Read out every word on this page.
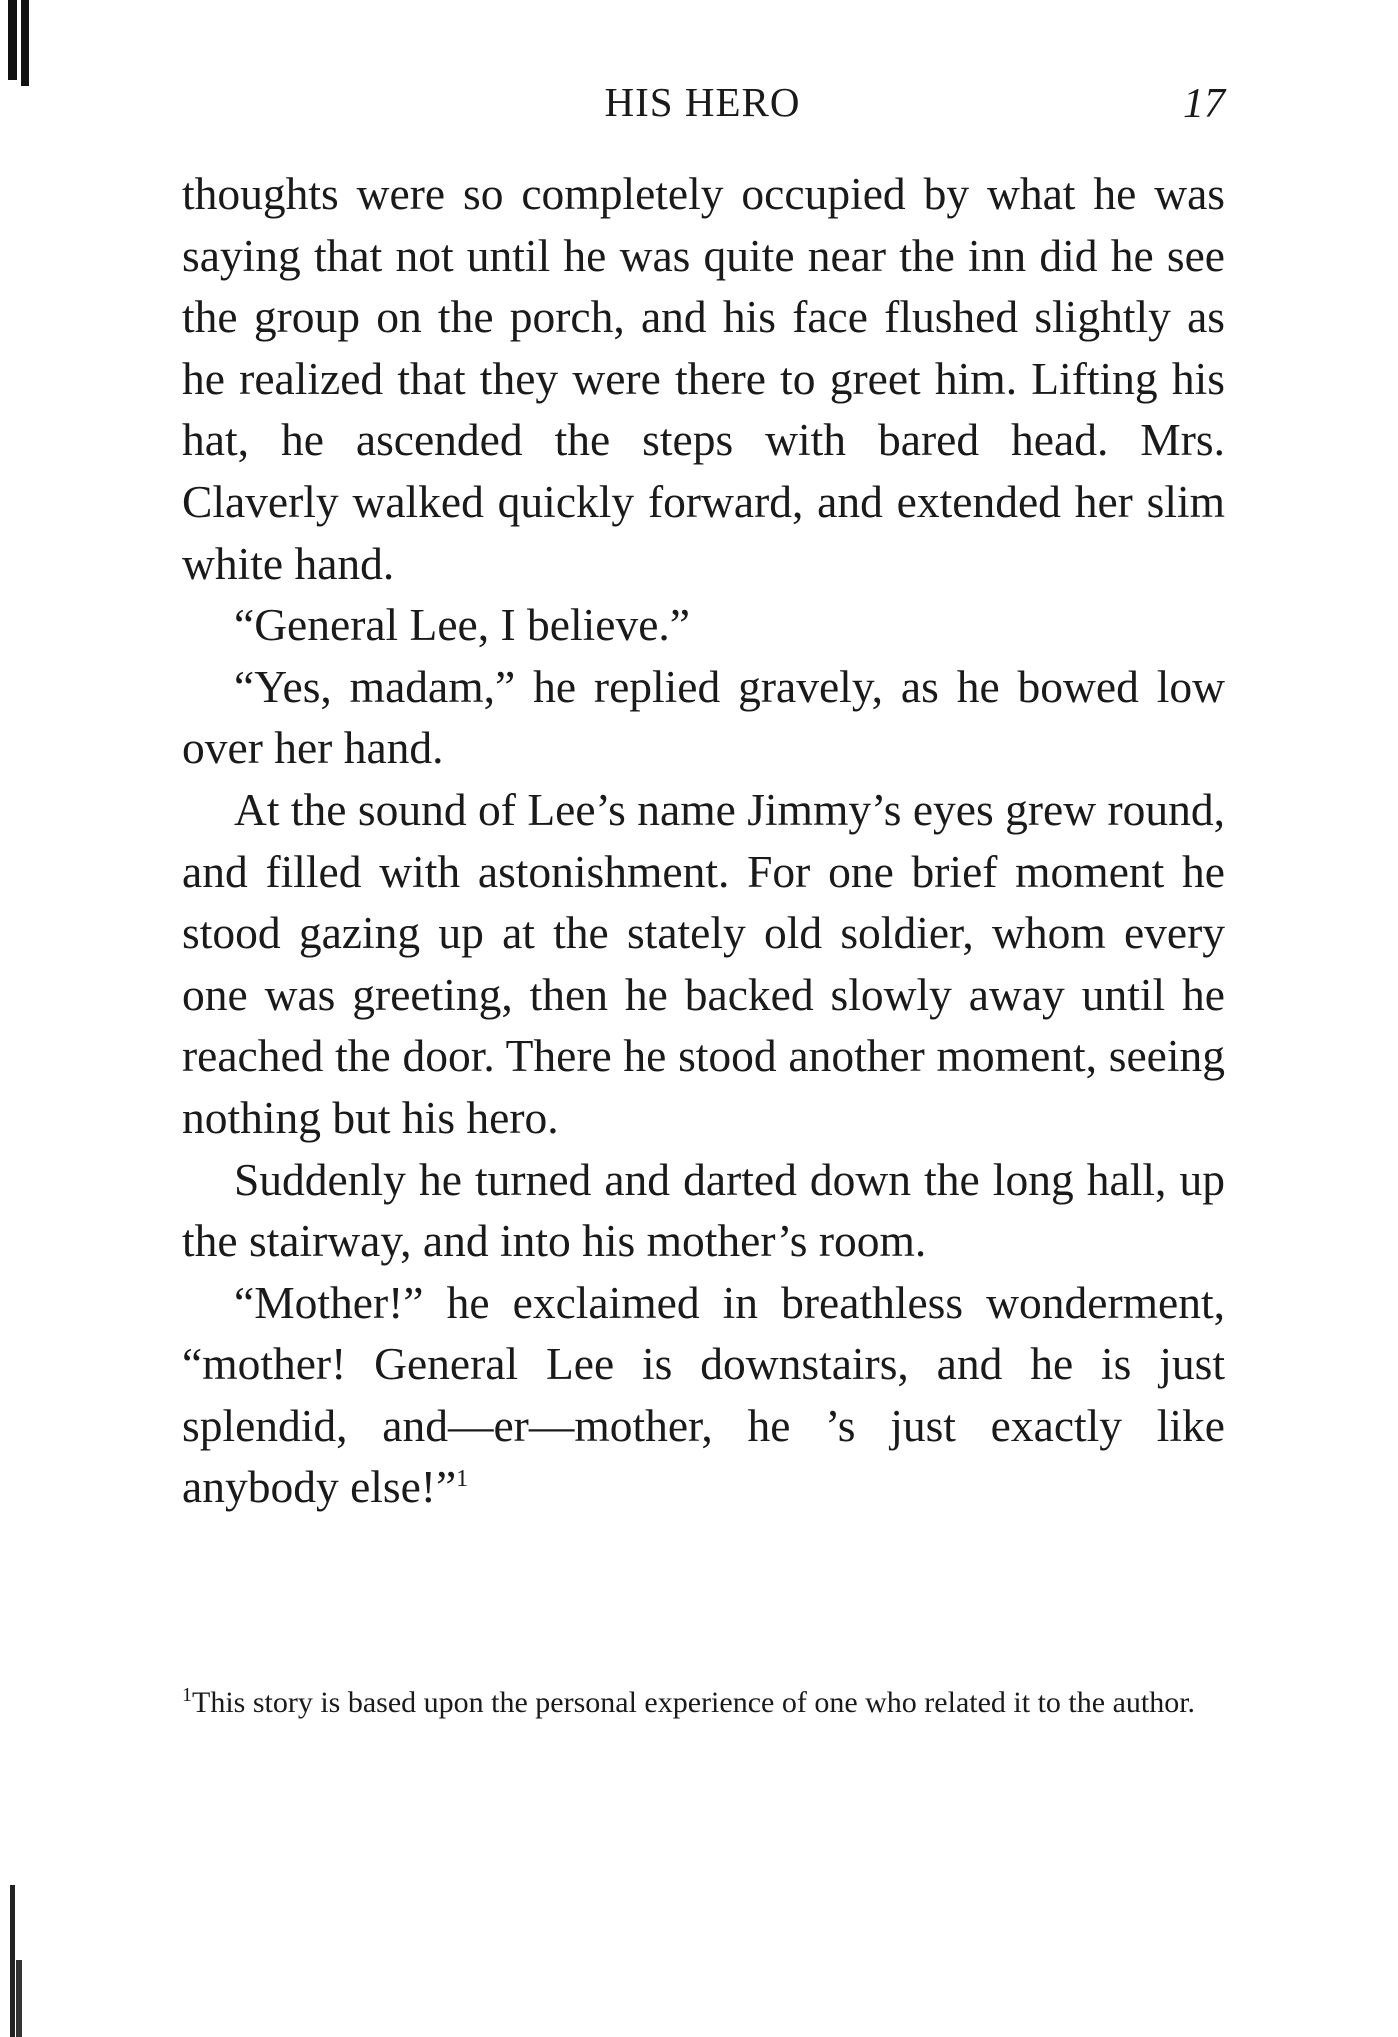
HIS HERO	17

thoughts were so completely occupied by what he was saying that not until he was quite near the inn did he see the group on the porch, and his face flushed slightly as he realized that they were there to greet him. Lifting his hat, he ascended the steps with bared head. Mrs. Claverly walked quickly forward, and extended her slim white hand.

“General Lee, I believe.”

“Yes, madam,” he replied gravely, as he bowed low over her hand.

At the sound of Lee’s name Jimmy’s eyes grew round, and filled with astonishment. For one brief moment he stood gazing up at the stately old soldier, whom every one was greeting, then he backed slowly away until he reached the door. There he stood another moment, seeing nothing but his hero.

Suddenly he turned and darted down the long hall, up the stairway, and into his mother’s room.

“Mother!” he exclaimed in breathless wonderment, “mother! General Lee is downstairs, and he is just splendid, and—er—mother, he ’s just exactly like anybody else!”$^1$

$^1$This story is based upon the personal experience of one who related it to the author.
